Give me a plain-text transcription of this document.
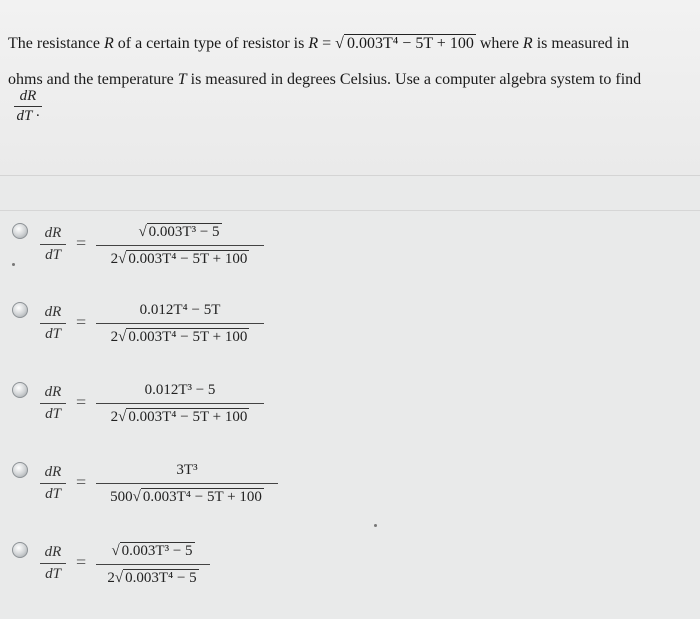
The resistance R of a certain type of resistor is R = √ 0.003T⁴ − 5T + 100 where R is measured in
ohms and the temperature T is measured in degrees Celsius. Use a computer algebra system to find
dR
dT ·
dR
dT
=
√ 0.003T³ − 5
2√ 0.003T⁴ − 5T + 100
dR
dT
=
0.012T⁴ − 5T
2√ 0.003T⁴ − 5T + 100
dR
dT
=
0.012T³ − 5
2√ 0.003T⁴ − 5T + 100
dR
dT
=
3T³
500√ 0.003T⁴ − 5T + 100
dR
dT
=
√ 0.003T³ − 5
2√ 0.003T⁴ − 5
